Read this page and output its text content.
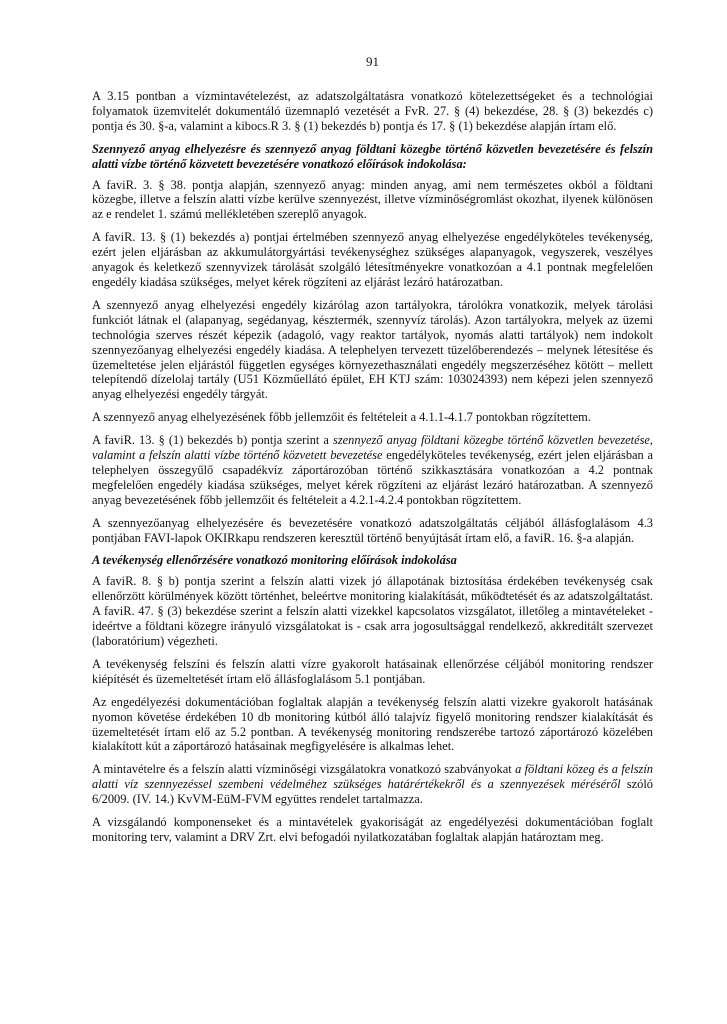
91

A 3.15 pontban a vízmintavételezést, az adatszolgáltatásra vonatkozó kötelezettségeket és a technológiai folyamatok üzemvitelét dokumentáló üzemnapló vezetését a FvR. 27. § (4) bekezdése, 28. § (3) bekezdés c) pontja és 30. §-a, valamint a kibocs.R 3. § (1) bekezdés b) pontja és 17. § (1) bekezdése alapján írtam elő.

Szennyező anyag elhelyezésre és szennyező anyag földtani közegbe történő közvetlen bevezetésére és felszín alatti vízbe történő közvetett bevezetésére vonatkozó előírások indokolása:

A faviR. 3. § 38. pontja alapján, szennyező anyag: minden anyag, ami nem természetes okból a földtani közegbe, illetve a felszín alatti vízbe kerülve szennyezést, illetve vízminőségromlást okozhat, ilyenek különösen az e rendelet 1. számú mellékletében szereplő anyagok.

A faviR. 13. § (1) bekezdés a) pontjai értelmében szennyező anyag elhelyezése engedélyköteles tevékenység, ezért jelen eljárásban az akkumulátorgyártási tevékenységhez szükséges alapanyagok, vegyszerek, veszélyes anyagok és keletkező szennyvizek tárolását szolgáló létesítményekre vonatkozóan a 4.1 pontnak megfelelően engedély kiadása szükséges, melyet kérek rögzíteni az eljárást lezáró határozatban.

A szennyező anyag elhelyezési engedély kizárólag azon tartályokra, tárolókra vonatkozik, melyek tárolási funkciót látnak el (alapanyag, segédanyag, késztermék, szennyvíz tárolás). Azon tartályokra, melyek az üzemi technológia szerves részét képezik (adagoló, vagy reaktor tartályok, nyomás alatti tartályok) nem indokolt szennyezőanyag elhelyezési engedély kiadása. A telephelyen tervezett tüzelőberendezés – melynek létesítése és üzemeltetése jelen eljárástól független egységes környezethasználati engedély megszerzéséhez kötött – mellett telepítendő dízelolaj tartály (U51 Közműellátó épület, EH KTJ szám: 103024393) nem képezi jelen szennyező anyag elhelyezési engedély tárgyát.

A szennyező anyag elhelyezésének főbb jellemzőit és feltételeit a 4.1.1-4.1.7 pontokban rögzítettem.

A faviR. 13. § (1) bekezdés b) pontja szerint a szennyező anyag földtani közegbe történő közvetlen bevezetése, valamint a felszín alatti vízbe történő közvetett bevezetése engedélyköteles tevékenység, ezért jelen eljárásban a telephelyen összegyűlő csapadékvíz záportározóban történő szikkasztására vonatkozóan a 4.2 pontnak megfelelően engedély kiadása szükséges, melyet kérek rögzíteni az eljárást lezáró határozatban. A szennyező anyag bevezetésének főbb jellemzőit és feltételeit a 4.2.1-4.2.4 pontokban rögzítettem.

A szennyezőanyag elhelyezésére és bevezetésére vonatkozó adatszolgáltatás céljából állásfoglalásom 4.3 pontjában FAVI-lapok OKIRkapu rendszeren keresztül történő benyújtását írtam elő, a faviR. 16. §-a alapján.

A tevékenység ellenőrzésére vonatkozó monitoring előírások indokolása

A faviR. 8. § b) pontja szerint a felszín alatti vizek jó állapotának biztosítása érdekében tevékenység csak ellenőrzött körülmények között történhet, beleértve monitoring kialakítását, működtetését és az adatszolgáltatást. A faviR. 47. § (3) bekezdése szerint a felszín alatti vizekkel kapcsolatos vizsgálatot, illetőleg a mintavételeket - ideértve a földtani közegre irányuló vizsgálatokat is - csak arra jogosultsággal rendelkező, akkreditált szervezet (laboratórium) végezheti.

A tevékenység felszíni és felszín alatti vízre gyakorolt hatásainak ellenőrzése céljából monitoring rendszer kiépítését és üzemeltetését írtam elő állásfoglalásom 5.1 pontjában.

Az engedélyezési dokumentációban foglaltak alapján a tevékenység felszín alatti vizekre gyakorolt hatásának nyomon követése érdekében 10 db monitoring kútból álló talajvíz figyelő monitoring rendszer kialakítását és üzemeltetését írtam elő az 5.2 pontban. A tevékenység monitoring rendszerébe tartozó záportározó közelében kialakított kút a záportározó hatásainak megfigyelésére is alkalmas lehet.

A mintavételre és a felszín alatti vízminőségi vizsgálatokra vonatkozó szabványokat a földtani közeg és a felszín alatti víz szennyezéssel szembeni védelméhez szükséges határértékekről és a szennyezések méréséről szóló 6/2009. (IV. 14.) KvVM-EüM-FVM együttes rendelet tartalmazza.

A vizsgálandó komponenseket és a mintavételek gyakoriságát az engedélyezési dokumentációban foglalt monitoring terv, valamint a DRV Zrt. elvi befogadói nyilatkozatában foglaltak alapján határoztam meg.
